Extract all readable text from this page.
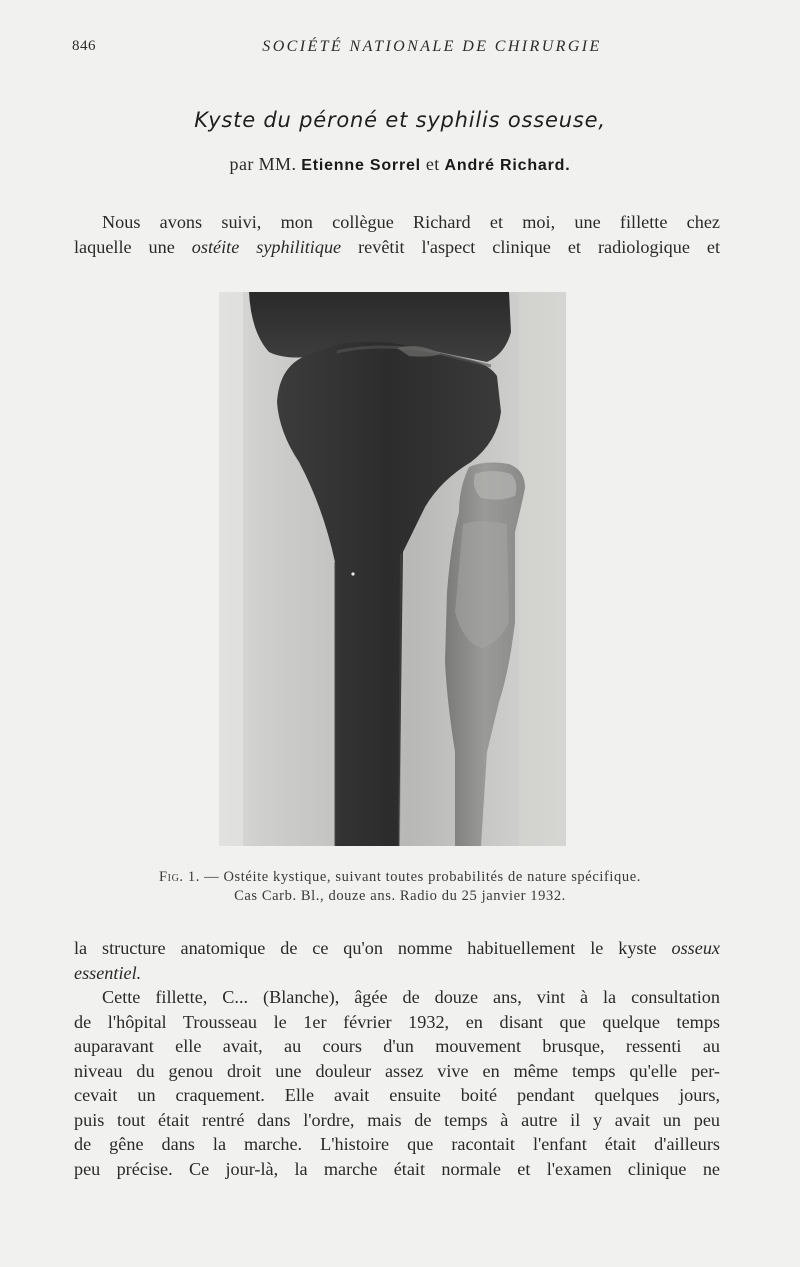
846	SOCIÉTÉ NATIONALE DE CHIRURGIE
Kyste du péroné et syphilis osseuse,
par MM. Etienne Sorrel et André Richard.
Nous avons suivi, mon collègue Richard et moi, une fillette chez
laquelle une ostéite syphilitique revêtit l'aspect clinique et radiologique et
Fig. 1. — Ostéite kystique, suivant toutes probabilités de nature spécifique.
Cas Carb. Bl., douze ans. Radio du 25 janvier 1932.
la structure anatomique de ce qu'on nomme habituellement le kyste osseux
essentiel.
Cette fillette, C... (Blanche), âgée de douze ans, vint à la consultation
de l'hôpital Trousseau le 1er février 1932, en disant que quelque temps
auparavant elle avait, au cours d'un mouvement brusque, ressenti au
niveau du genou droit une douleur assez vive en même temps qu'elle per-
cevait un craquement. Elle avait ensuite boité pendant quelques jours,
puis tout était rentré dans l'ordre, mais de temps à autre il y avait un peu
de gêne dans la marche. L'histoire que racontait l'enfant était d'ailleurs
peu précise. Ce jour-là, la marche était normale et l'examen clinique ne
